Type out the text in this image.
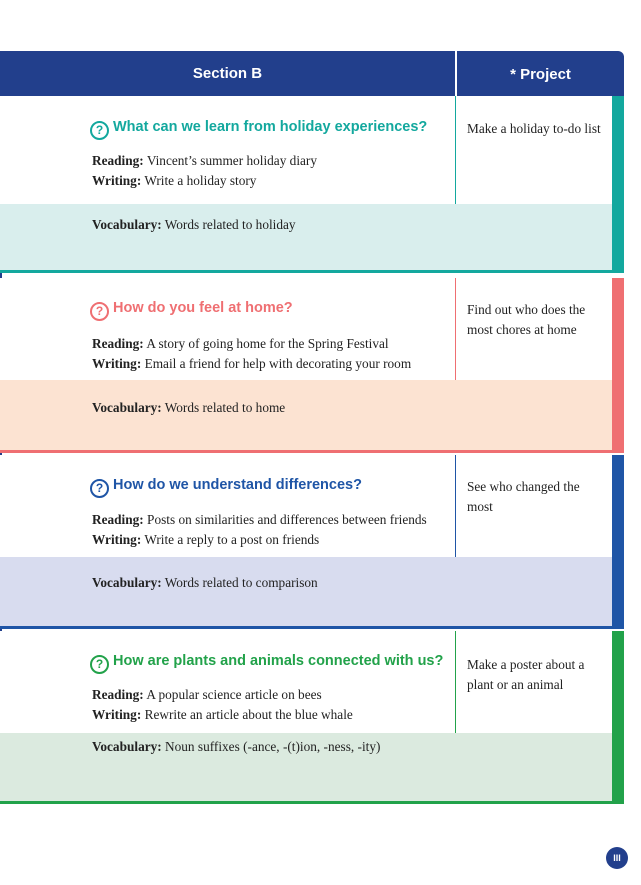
Section B	* Project
? What can we learn from holiday experiences?
Reading: Vincent’s summer holiday diary
Writing: Write a holiday story
Make a holiday to-do list
Vocabulary: Words related to holiday
? How do you feel at home?
Reading: A story of going home for the Spring Festival
Writing: Email a friend for help with decorating your room
Find out who does the most chores at home
Vocabulary: Words related to home
? How do we understand differences?
Reading: Posts on similarities and differences between friends
Writing: Write a reply to a post on friends
See who changed the most
Vocabulary: Words related to comparison
? How are plants and animals connected with us?
Reading: A popular science article on bees
Writing: Rewrite an article about the blue whale
Make a poster about a plant or an animal
Vocabulary: Noun suffixes (-ance, -(t)ion, -ness, -ity)
III
